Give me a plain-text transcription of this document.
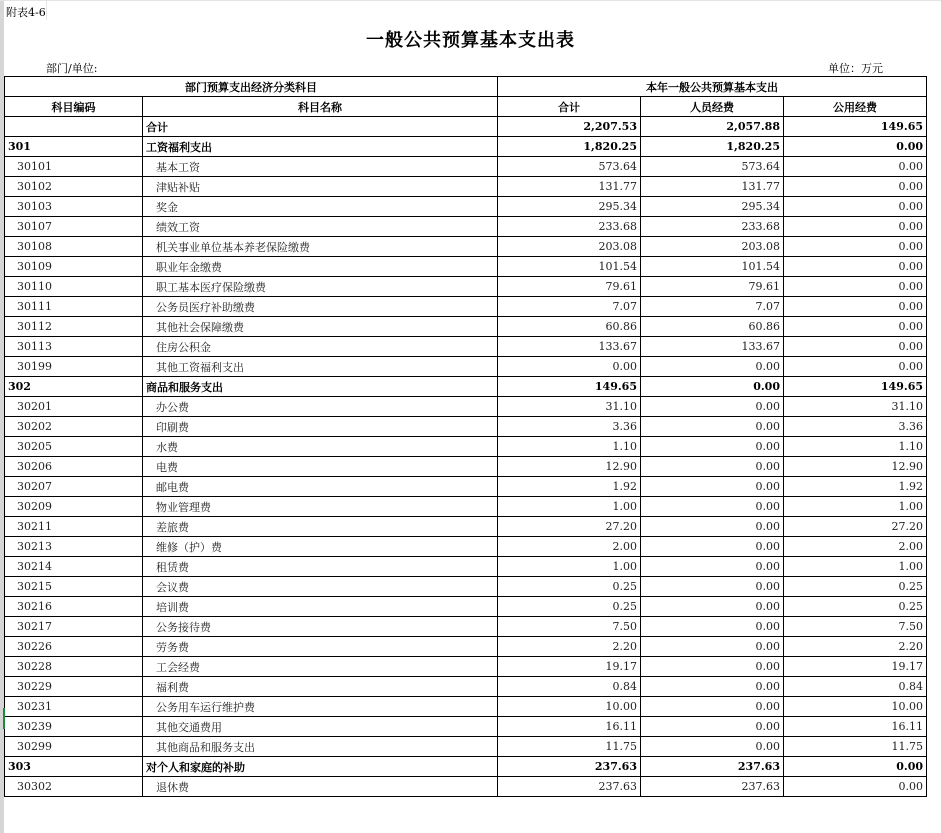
附表4-6
一般公共预算基本支出表
部门/单位:	单位：万元
部门预算支出经济分类科目		本年一般公共预算基本支出		
科目编码	科目名称	合计	人员经费	公用经费
	合计	2,207.53	2,057.88	149.65
301	工资福利支出	1,820.25	1,820.25	0.00
30101	基本工资	573.64	573.64	0.00
30102	津贴补贴	131.77	131.77	0.00
30103	奖金	295.34	295.34	0.00
30107	绩效工资	233.68	233.68	0.00
30108	机关事业单位基本养老保险缴费	203.08	203.08	0.00
30109	职业年金缴费	101.54	101.54	0.00
30110	职工基本医疗保险缴费	79.61	79.61	0.00
30111	公务员医疗补助缴费	7.07	7.07	0.00
30112	其他社会保障缴费	60.86	60.86	0.00
30113	住房公积金	133.67	133.67	0.00
30199	其他工资福利支出	0.00	0.00	0.00
302	商品和服务支出	149.65	0.00	149.65
30201	办公费	31.10	0.00	31.10
30202	印刷费	3.36	0.00	3.36
30205	水费	1.10	0.00	1.10
30206	电费	12.90	0.00	12.90
30207	邮电费	1.92	0.00	1.92
30209	物业管理费	1.00	0.00	1.00
30211	差旅费	27.20	0.00	27.20
30213	维修（护）费	2.00	0.00	2.00
30214	租赁费	1.00	0.00	1.00
30215	会议费	0.25	0.00	0.25
30216	培训费	0.25	0.00	0.25
30217	公务接待费	7.50	0.00	7.50
30226	劳务费	2.20	0.00	2.20
30228	工会经费	19.17	0.00	19.17
30229	福利费	0.84	0.00	0.84
30231	公务用车运行维护费	10.00	0.00	10.00
30239	其他交通费用	16.11	0.00	16.11
30299	其他商品和服务支出	11.75	0.00	11.75
303	对个人和家庭的补助	237.63	237.63	0.00
30302	退休费	237.63	237.63	0.00
